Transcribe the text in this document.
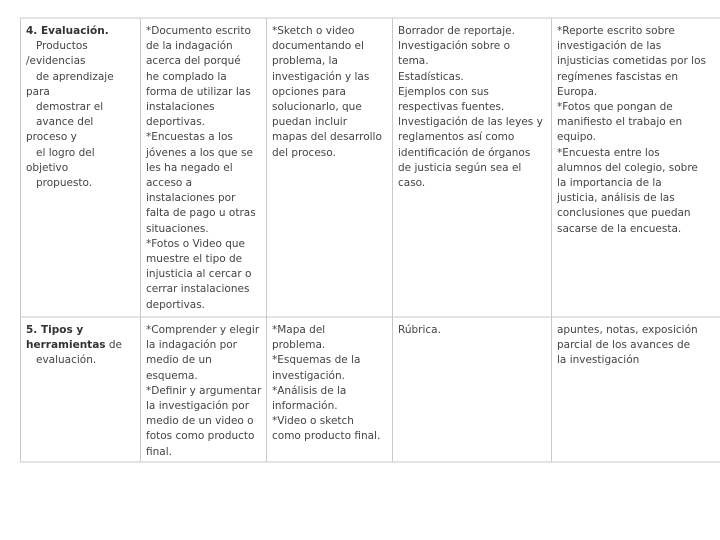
4. Evaluación.
Productos
/evidencias
de aprendizaje
para
demostrar el
avance del
proceso y
el logro del
objetivo
propuesto.

*Documento escrito
de la indagación
acerca del porqué
he complado la
forma de utilizar las
instalaciones
deportivas.
*Encuestas a los
jóvenes a los que se
les ha negado el
acceso a
instalaciones por
falta de pago u otras
situaciones.
*Fotos o Video que
muestre el tipo de
injusticia al cercar o
cerrar instalaciones
deportivas.

*Sketch o video
documentando el
problema, la
investigación y las
opciones para
solucionarlo, que
puedan incluir
mapas del desarrollo
del proceso.

Borrador de reportaje.
Investigación sobre o
tema.
Estadísticas.
Ejemplos con sus
respectivas fuentes.
Investigación de las leyes y
reglamentos así como
identificación de órganos
de justicia según sea el
caso.

*Reporte escrito sobre
investigación de las
injusticias cometidas por los
regímenes fascistas en
Europa.
*Fotos que pongan de
manifiesto el trabajo en
equipo.
*Encuesta entre los
alumnos del colegio, sobre
la importancia de la
justicia, análisis de las
conclusiones que puedan
sacarse de la encuesta.

5. Tipos y
herramientas de
evaluación.

*Comprender y elegir
la indagación por
medio de un
esquema.
*Definir y argumentar
la investigación por
medio de un video o
fotos como producto
final.

*Mapa del
problema.
*Esquemas de la
investigación.
*Análisis de la
información.
*Video o sketch
como producto final.

Rúbrica.	apuntes, notas, exposición
parcial de los avances de
la investigación
